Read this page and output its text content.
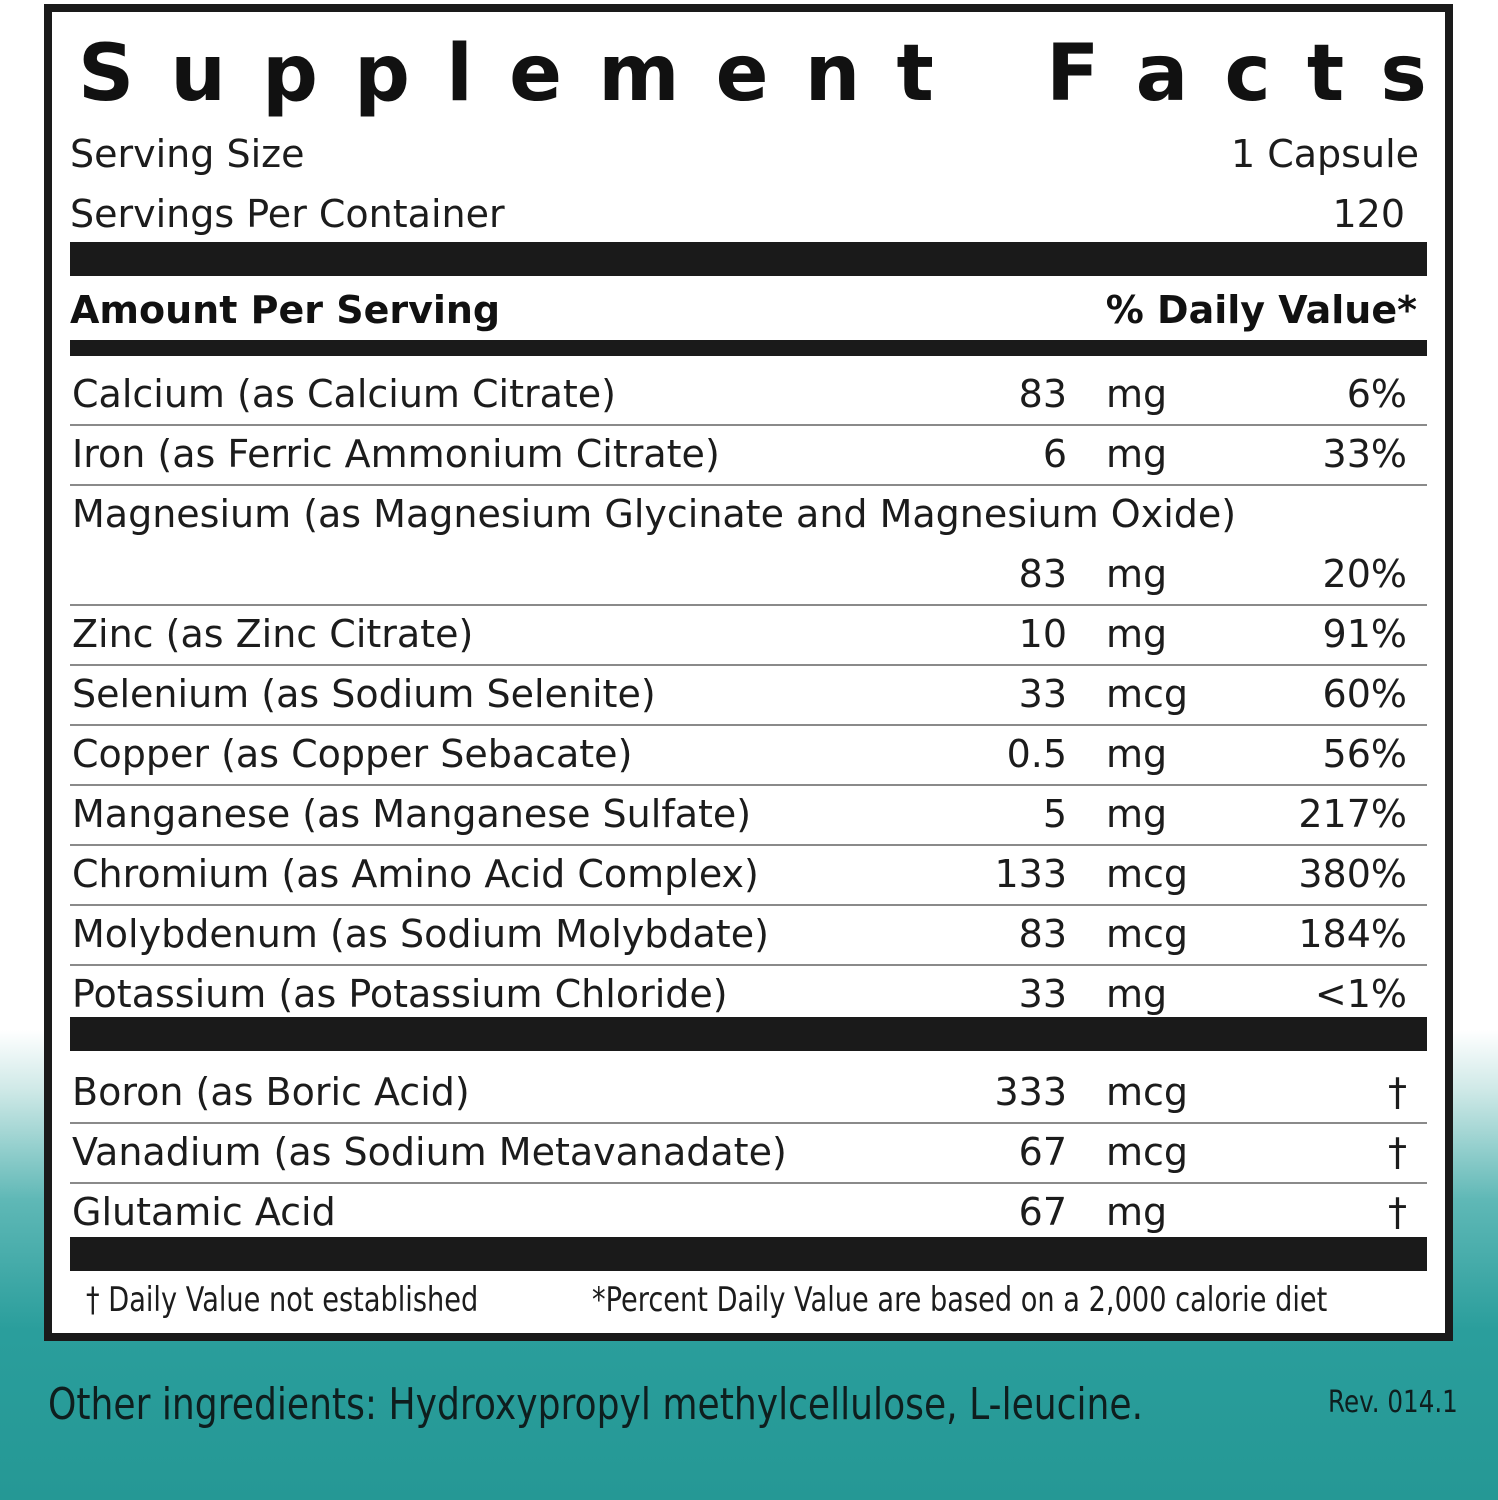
S u p p l e m e n t F a c t s
Serving Size	1 Capsule
Servings Per Container	120
Amount Per Serving	% Daily Value*
Calcium (as Calcium Citrate)	83 mg	6%
Iron (as Ferric Ammonium Citrate)	6 mg	33%
Magnesium (as Magnesium Glycinate and Magnesium Oxide)
83 mg	20%
Zinc (as Zinc Citrate)	10 mg	91%
Selenium (as Sodium Selenite)	33 mcg	60%
Copper (as Copper Sebacate)	0.5 mg	56%
Manganese (as Manganese Sulfate)	5 mg	217%
Chromium (as Amino Acid Complex)	133 mcg	380%
Molybdenum (as Sodium Molybdate)	83 mcg	184%
Potassium (as Potassium Chloride)	33 mg	<1%
Boron (as Boric Acid)	333 mcg	†
Vanadium (as Sodium Metavanadate)	67 mcg	†
Glutamic Acid	67 mg	†
† Daily Value not established	*Percent Daily Value are based on a 2,000 calorie diet
Other ingredients: Hydroxypropyl methylcellulose, L-leucine.	Rev. 014.1
